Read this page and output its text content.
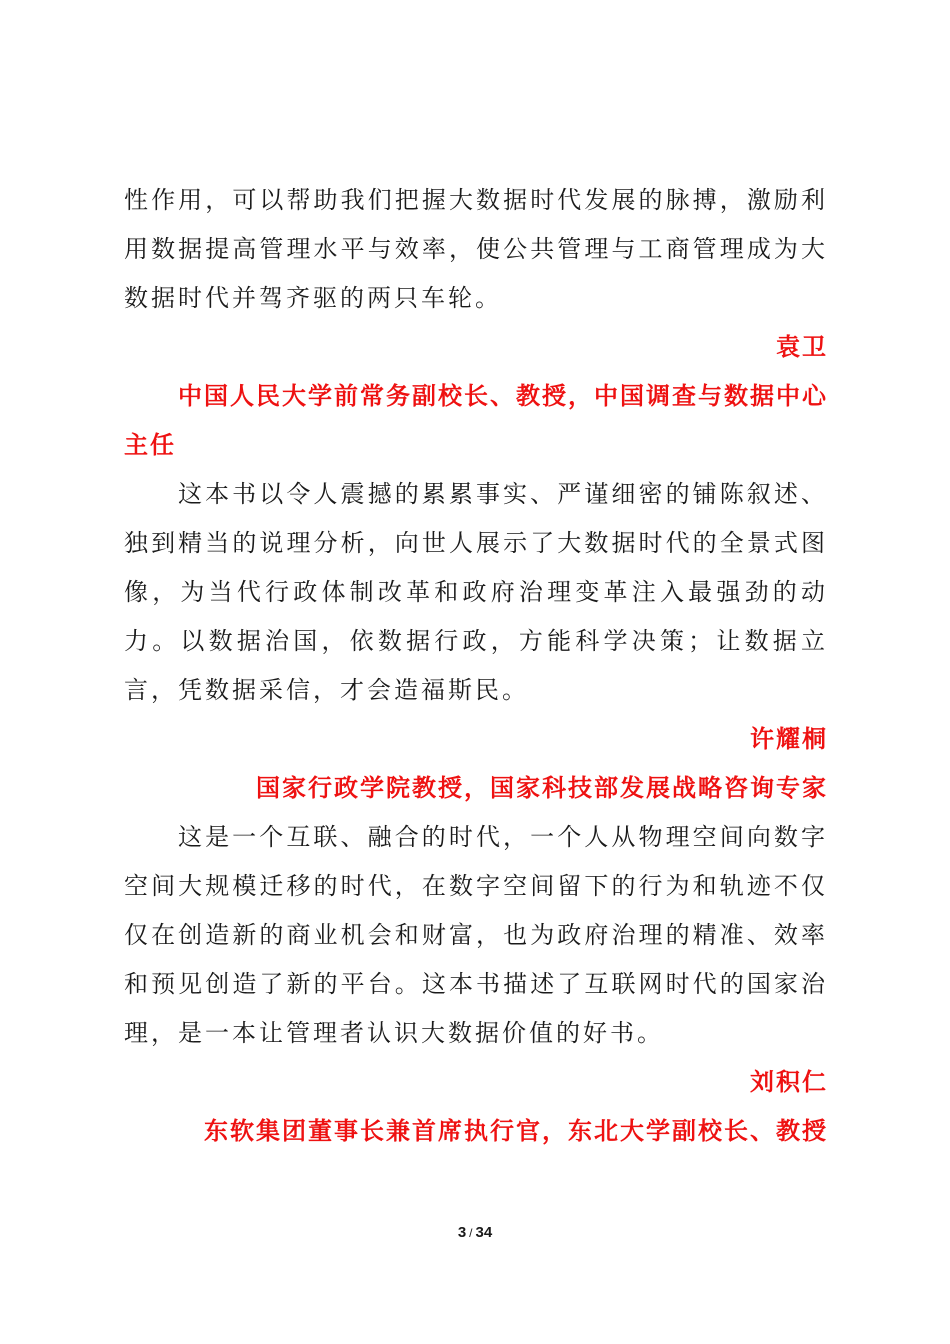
性作用，可以帮助我们把握大数据时代发展的脉搏，激励利用数据提高管理水平与效率，使公共管理与工商管理成为大数据时代并驾齐驱的两只车轮。

袁卫

中国人民大学前常务副校长、教授，中国调查与数据中心主任

这本书以令人震撼的累累事实、严谨细密的铺陈叙述、独到精当的说理分析，向世人展示了大数据时代的全景式图像，为当代行政体制改革和政府治理变革注入最强劲的动力。以数据治国，依数据行政，方能科学决策；让数据立言，凭数据采信，才会造福斯民。

许耀桐

国家行政学院教授，国家科技部发展战略咨询专家

这是一个互联、融合的时代，一个人从物理空间向数字空间大规模迁移的时代，在数字空间留下的行为和轨迹不仅仅在创造新的商业机会和财富，也为政府治理的精准、效率和预见创造了新的平台。这本书描述了互联网时代的国家治理，是一本让管理者认识大数据价值的好书。

刘积仁

东软集团董事长兼首席执行官，东北大学副校长、教授

3 / 34
